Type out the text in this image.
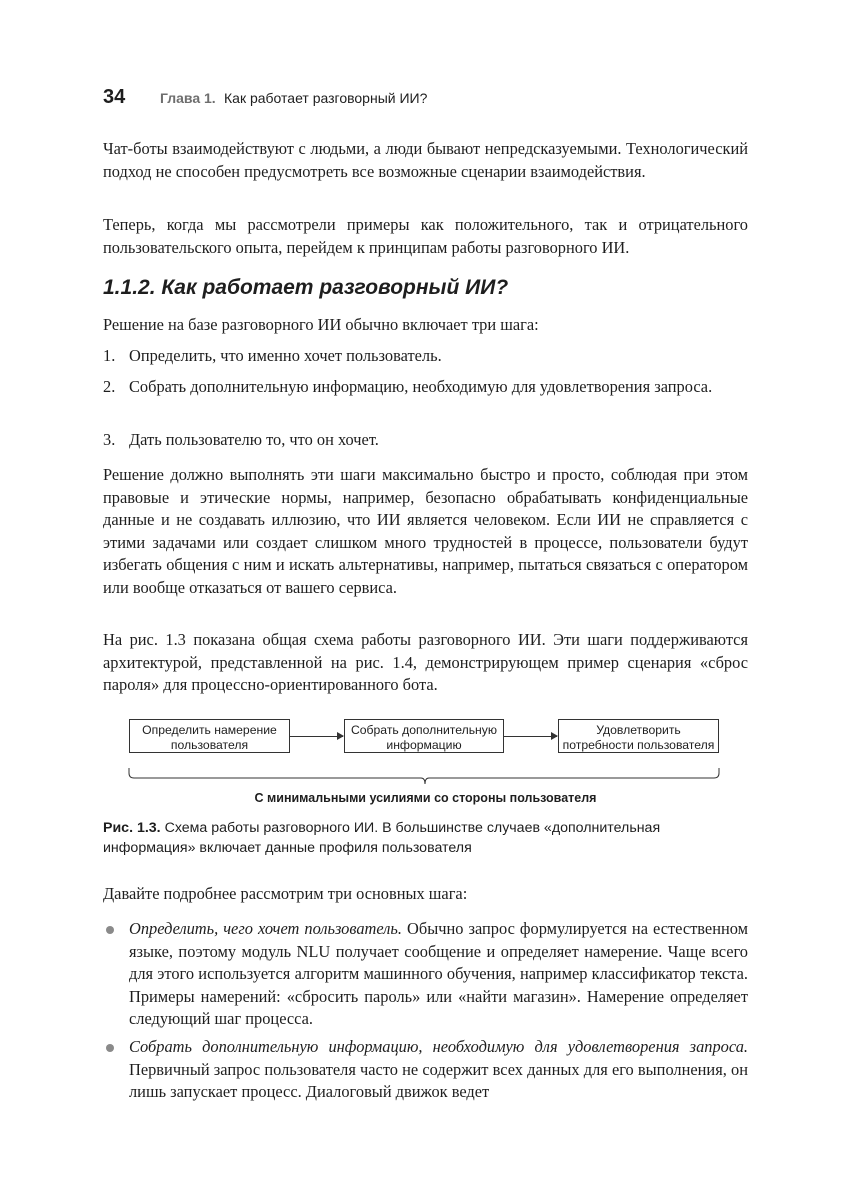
34 Глава 1. Как работает разговорный ИИ?

Чат-боты взаимодействуют с людьми, а люди бывают непредсказуемыми. Технологический подход не способен предусмотреть все возможные сценарии взаимодействия.

Теперь, когда мы рассмотрели примеры как положительного, так и отрицательного пользовательского опыта, перейдем к принципам работы разговорного ИИ.

1.1.2. Как работает разговорный ИИ?

Решение на базе разговорного ИИ обычно включает три шага:

1. Определить, что именно хочет пользователь.
2. Собрать дополнительную информацию, необходимую для удовлетворения запроса.
3. Дать пользователю то, что он хочет.

Решение должно выполнять эти шаги максимально быстро и просто, соблюдая при этом правовые и этические нормы, например, безопасно обрабатывать конфиденциальные данные и не создавать иллюзию, что ИИ является человеком. Если ИИ не справляется с этими задачами или создает слишком много трудностей в процессе, пользователи будут избегать общения с ним и искать альтернативы, например, пытаться связаться с оператором или вообще отказаться от вашего сервиса.

На рис. 1.3 показана общая схема работы разговорного ИИ. Эти шаги поддерживаются архитектурой, представленной на рис. 1.4, демонстрирующем пример сценария «сброс пароля» для процессно-ориентированного бота.

Определить намерение
пользователя
Собрать дополнительную
информацию
Удовлетворить
потребности пользователя
С минимальными усилиями со стороны пользователя
Рис. 1.3. Схема работы разговорного ИИ. В большинстве случаев «дополнительная информация» включает данные профиля пользователя

Давайте подробнее рассмотрим три основных шага:

Определить, чего хочет пользователь. Обычно запрос формулируется на естественном языке, поэтому модуль NLU получает сообщение и определяет намерение. Чаще всего для этого используется алгоритм машинного обучения, например классификатор текста. Примеры намерений: «сбросить пароль» или «найти магазин». Намерение определяет следующий шаг процесса.
Собрать дополнительную информацию, необходимую для удовлетворения запроса. Первичный запрос пользователя часто не содержит всех данных для его выполнения, он лишь запускает процесс. Диалоговый движок ведет
